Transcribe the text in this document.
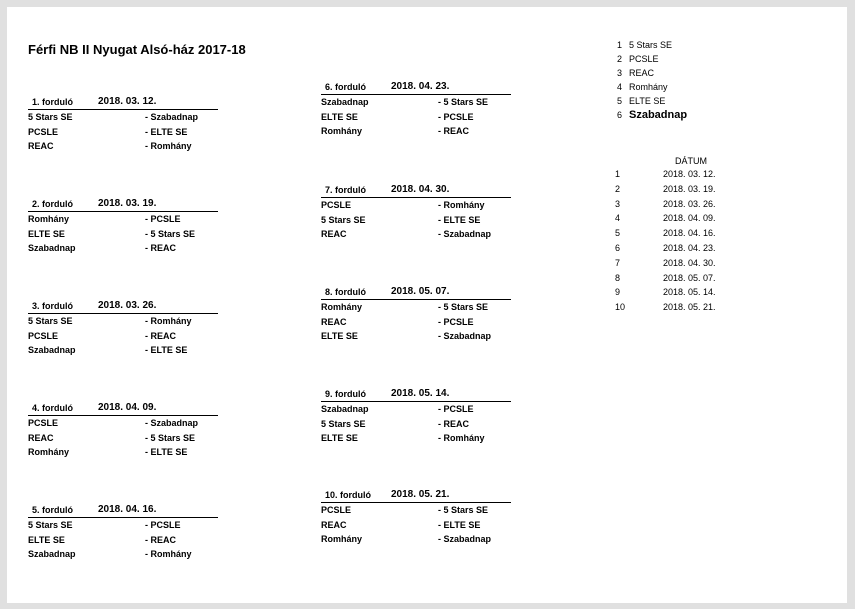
Férfi NB II Nyugat Alsó-ház 2017-18
1. forduló	2018. 03. 12.
5 Stars SE	- Szabadnap
PCSLE	- ELTE SE
REAC	- Romhány
2. forduló	2018. 03. 19.
Romhány	- PCSLE
ELTE SE	- 5 Stars SE
Szabadnap	- REAC
3. forduló	2018. 03. 26.
5 Stars SE	- Romhány
PCSLE	- REAC
Szabadnap	- ELTE SE
4. forduló	2018. 04. 09.
PCSLE	- Szabadnap
REAC	- 5 Stars SE
Romhány	- ELTE SE
5. forduló	2018. 04. 16.
5 Stars SE	- PCSLE
ELTE SE	- REAC
Szabadnap	- Romhány
6. forduló	2018. 04. 23.
Szabadnap	- 5 Stars SE
ELTE SE	- PCSLE
Romhány	- REAC
7. forduló	2018. 04. 30.
PCSLE	- Romhány
5 Stars SE	- ELTE SE
REAC	- Szabadnap
8. forduló	2018. 05. 07.
Romhány	- 5 Stars SE
REAC	- PCSLE
ELTE SE	- Szabadnap
9. forduló	2018. 05. 14.
Szabadnap	- PCSLE
5 Stars SE	- REAC
ELTE SE	- Romhány
10. forduló 2018. 05. 21.
PCSLE	- 5 Stars SE
REAC	- ELTE SE
Romhány	- Szabadnap
1 5 Stars SE
2 PCSLE
3 REAC
4 Romhány
5 ELTE SE
6 Szabadnap
DÁTUM
1	2018. 03. 12.
2	2018. 03. 19.
3	2018. 03. 26.
4	2018. 04. 09.
5	2018. 04. 16.
6	2018. 04. 23.
7	2018. 04. 30.
8	2018. 05. 07.
9	2018. 05. 14.
10	2018. 05. 21.
